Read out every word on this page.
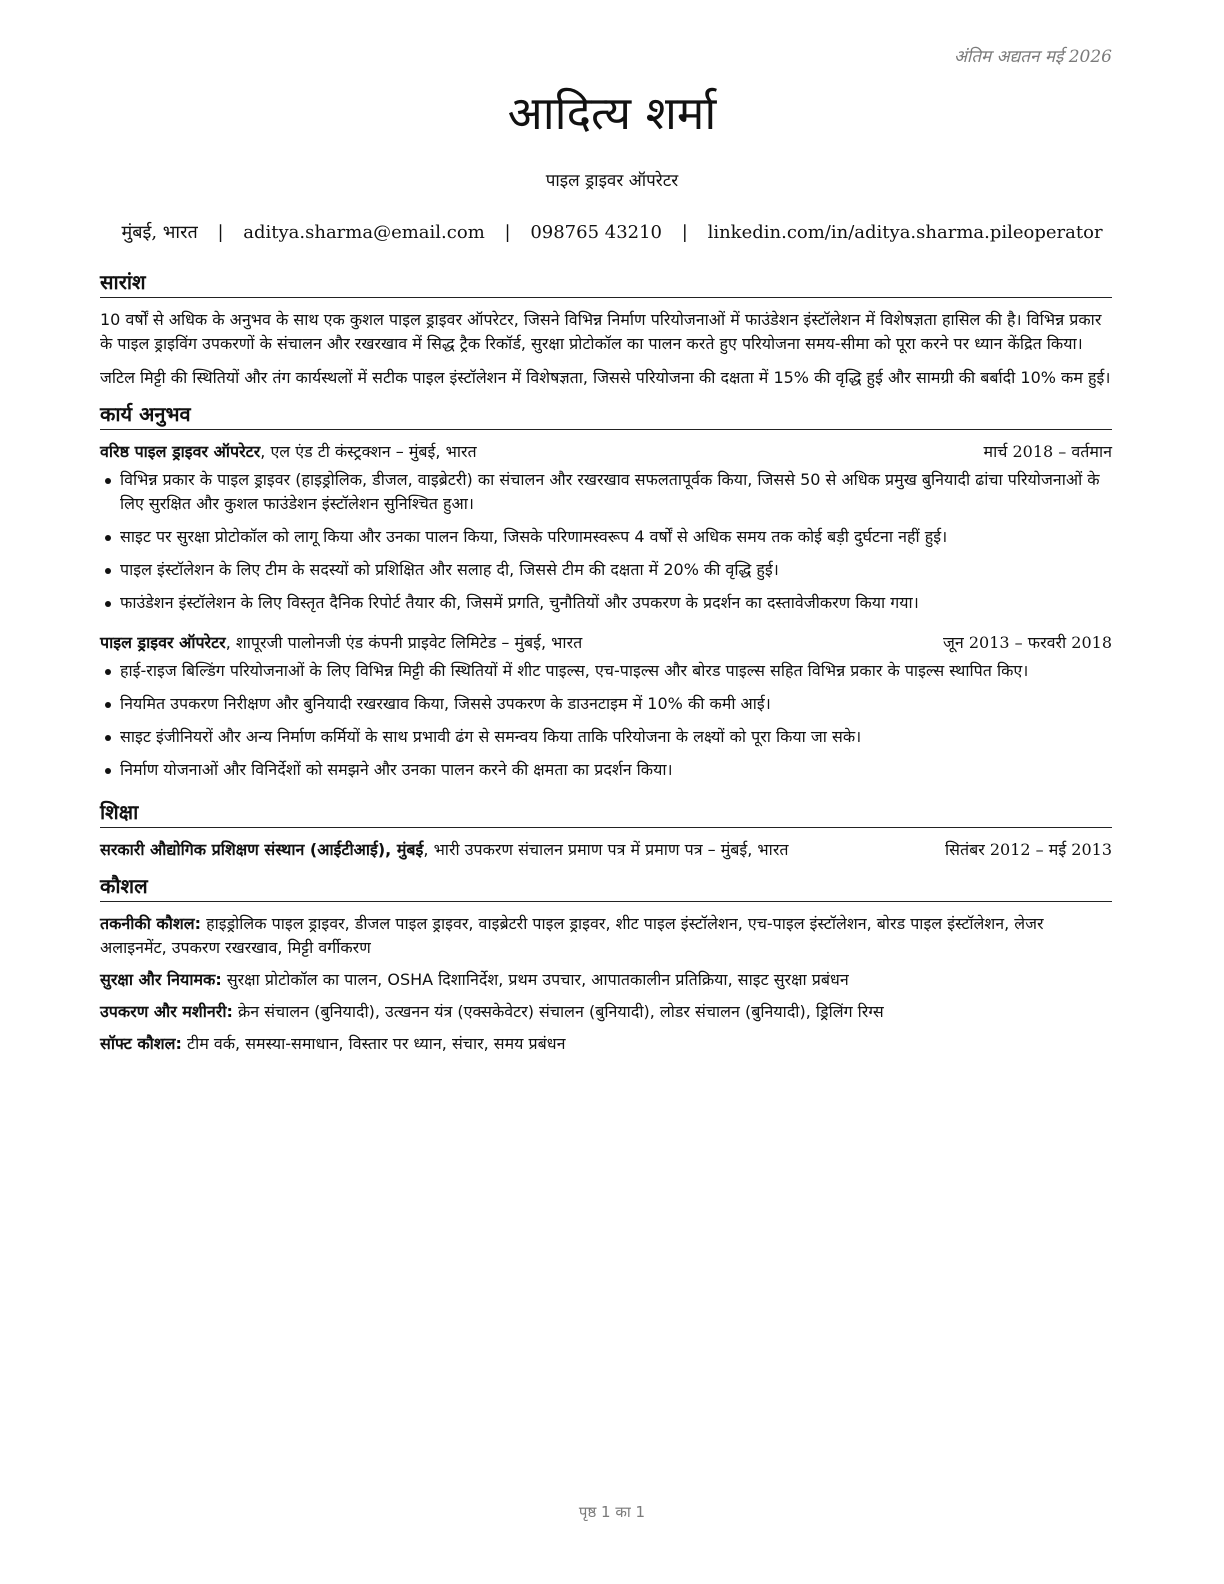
अंतिम अद्यतन मई 2026
आदित्य शर्मा
पाइल ड्राइवर ऑपरेटर
मुंबई, भारत | aditya.sharma@email.com | 098765 43210 | linkedin.com/in/aditya.sharma.pileoperator
सारांश

10 वर्षों से अधिक के अनुभव के साथ एक कुशल पाइल ड्राइवर ऑपरेटर, जिसने विभिन्न निर्माण परियोजनाओं में फाउंडेशन इंस्टॉलेशन में विशेषज्ञता हासिल की है। विभिन्न प्रकार के पाइल ड्राइविंग उपकरणों के संचालन और रखरखाव में सिद्ध ट्रैक रिकॉर्ड, सुरक्षा प्रोटोकॉल का पालन करते हुए परियोजना समय-सीमा को पूरा करने पर ध्यान केंद्रित किया।

जटिल मिट्टी की स्थितियों और तंग कार्यस्थलों में सटीक पाइल इंस्टॉलेशन में विशेषज्ञता, जिससे परियोजना की दक्षता में 15% की वृद्धि हुई और सामग्री की बर्बादी 10% कम हुई।

कार्य अनुभव
वरिष्ठ पाइल ड्राइवर ऑपरेटर, एल एंड टी कंस्ट्रक्शन – मुंबई, भारत	मार्च 2018 – वर्तमान
विभिन्न प्रकार के पाइल ड्राइवर (हाइड्रोलिक, डीजल, वाइब्रेटरी) का संचालन और रखरखाव सफलतापूर्वक किया, जिससे 50 से अधिक प्रमुख बुनियादी ढांचा परियोजनाओं के लिए सुरक्षित और कुशल फाउंडेशन इंस्टॉलेशन सुनिश्चित हुआ।
साइट पर सुरक्षा प्रोटोकॉल को लागू किया और उनका पालन किया, जिसके परिणामस्वरूप 4 वर्षों से अधिक समय तक कोई बड़ी दुर्घटना नहीं हुई।
पाइल इंस्टॉलेशन के लिए टीम के सदस्यों को प्रशिक्षित और सलाह दी, जिससे टीम की दक्षता में 20% की वृद्धि हुई।
फाउंडेशन इंस्टॉलेशन के लिए विस्तृत दैनिक रिपोर्ट तैयार की, जिसमें प्रगति, चुनौतियों और उपकरण के प्रदर्शन का दस्तावेजीकरण किया गया।
पाइल ड्राइवर ऑपरेटर, शापूरजी पालोनजी एंड कंपनी प्राइवेट लिमिटेड – मुंबई, भारत	जून 2013 – फरवरी 2018
हाई-राइज बिल्डिंग परियोजनाओं के लिए विभिन्न मिट्टी की स्थितियों में शीट पाइल्स, एच-पाइल्स और बोरड पाइल्स सहित विभिन्न प्रकार के पाइल्स स्थापित किए।
नियमित उपकरण निरीक्षण और बुनियादी रखरखाव किया, जिससे उपकरण के डाउनटाइम में 10% की कमी आई।
साइट इंजीनियरों और अन्य निर्माण कर्मियों के साथ प्रभावी ढंग से समन्वय किया ताकि परियोजना के लक्ष्यों को पूरा किया जा सके।
निर्माण योजनाओं और विनिर्देशों को समझने और उनका पालन करने की क्षमता का प्रदर्शन किया।
शिक्षा
सरकारी औद्योगिक प्रशिक्षण संस्थान (आईटीआई), मुंबई, भारी उपकरण संचालन प्रमाण पत्र में प्रमाण पत्र – मुंबई, भारत	सितंबर 2012 – मई 2013
कौशल

तकनीकी कौशल: हाइड्रोलिक पाइल ड्राइवर, डीजल पाइल ड्राइवर, वाइब्रेटरी पाइल ड्राइवर, शीट पाइल इंस्टॉलेशन, एच-पाइल इंस्टॉलेशन, बोरड पाइल इंस्टॉलेशन, लेजर अलाइनमेंट, उपकरण रखरखाव, मिट्टी वर्गीकरण

सुरक्षा और नियामक: सुरक्षा प्रोटोकॉल का पालन, OSHA दिशानिर्देश, प्रथम उपचार, आपातकालीन प्रतिक्रिया, साइट सुरक्षा प्रबंधन

उपकरण और मशीनरी: क्रेन संचालन (बुनियादी), उत्खनन यंत्र (एक्सकेवेटर) संचालन (बुनियादी), लोडर संचालन (बुनियादी), ड्रिलिंग रिग्स

सॉफ्ट कौशल: टीम वर्क, समस्या-समाधान, विस्तार पर ध्यान, संचार, समय प्रबंधन

पृष्ठ 1 का 1
